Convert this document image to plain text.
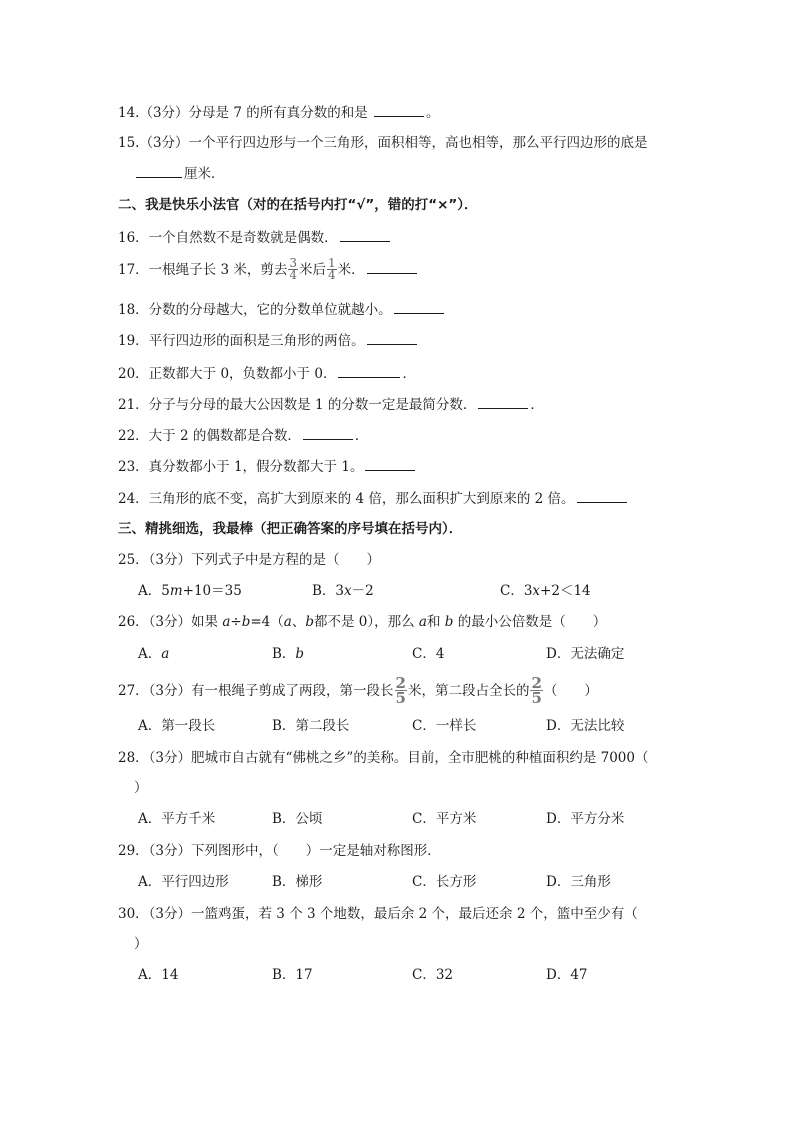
14.（3分）分母是 7 的所有真分数的和是	。
15.（3分）一个平行四边形与一个三角形，面积相等，高也相等，那么平行四边形的底是
厘米．
二、我是快乐小法官（对的在括号内打“√”，错的打“×”）．
16．一个自然数不是奇数就是偶数．
17．一根绳子长 3 米，剪去 $\frac{3}{4}$ 米后 $\frac{1}{4}$ 米．
18．分数的分母越大，它的分数单位就越小。
19．平行四边形的面积是三角形的两倍。
20．正数都大于 0，负数都小于 0．	．
21．分子与分母的最大公因数是 1 的分数一定是最简分数．	．
22．大于 2 的偶数都是合数．	．
23．真分数都小于 1，假分数都大于 1。
24．三角形的底不变，高扩大到原来的 4 倍，那么面积扩大到原来的 2 倍。
三、精挑细选，我最棒（把正确答案的序号填在括号内）．
25．（3分）下列式子中是方程的是（　　）
A．5m+10＝35	B．3x－2	C．3x+2＜14
26．（3分）如果 a÷b=4（a、b都不是 0），那么 a和 b 的最小公倍数是（　　）
A．a	B．b	C．4	D．无法确定
27．（3分）有一根绳子剪成了两段，第一段长 $\frac{2}{5}$ 米，第二段占全长的 $\frac{2}{5}$ （　　）
A．第一段长	B．第二段长	C．一样长	D．无法比较
28．（3分）肥城市自古就有“佛桃之乡”的美称。目前，全市肥桃的种植面积约是 7000（
）
A．平方千米	B．公顷	C．平方米	D．平方分米
29．（3分）下列图形中，（　　）一定是轴对称图形．
A．平行四边形	B．梯形	C．长方形	D．三角形
30．（3分）一篮鸡蛋，若 3 个 3 个地数，最后余 2 个，最后还余 2 个，篮中至少有（
）
A．14	B．17	C．32	D．47
